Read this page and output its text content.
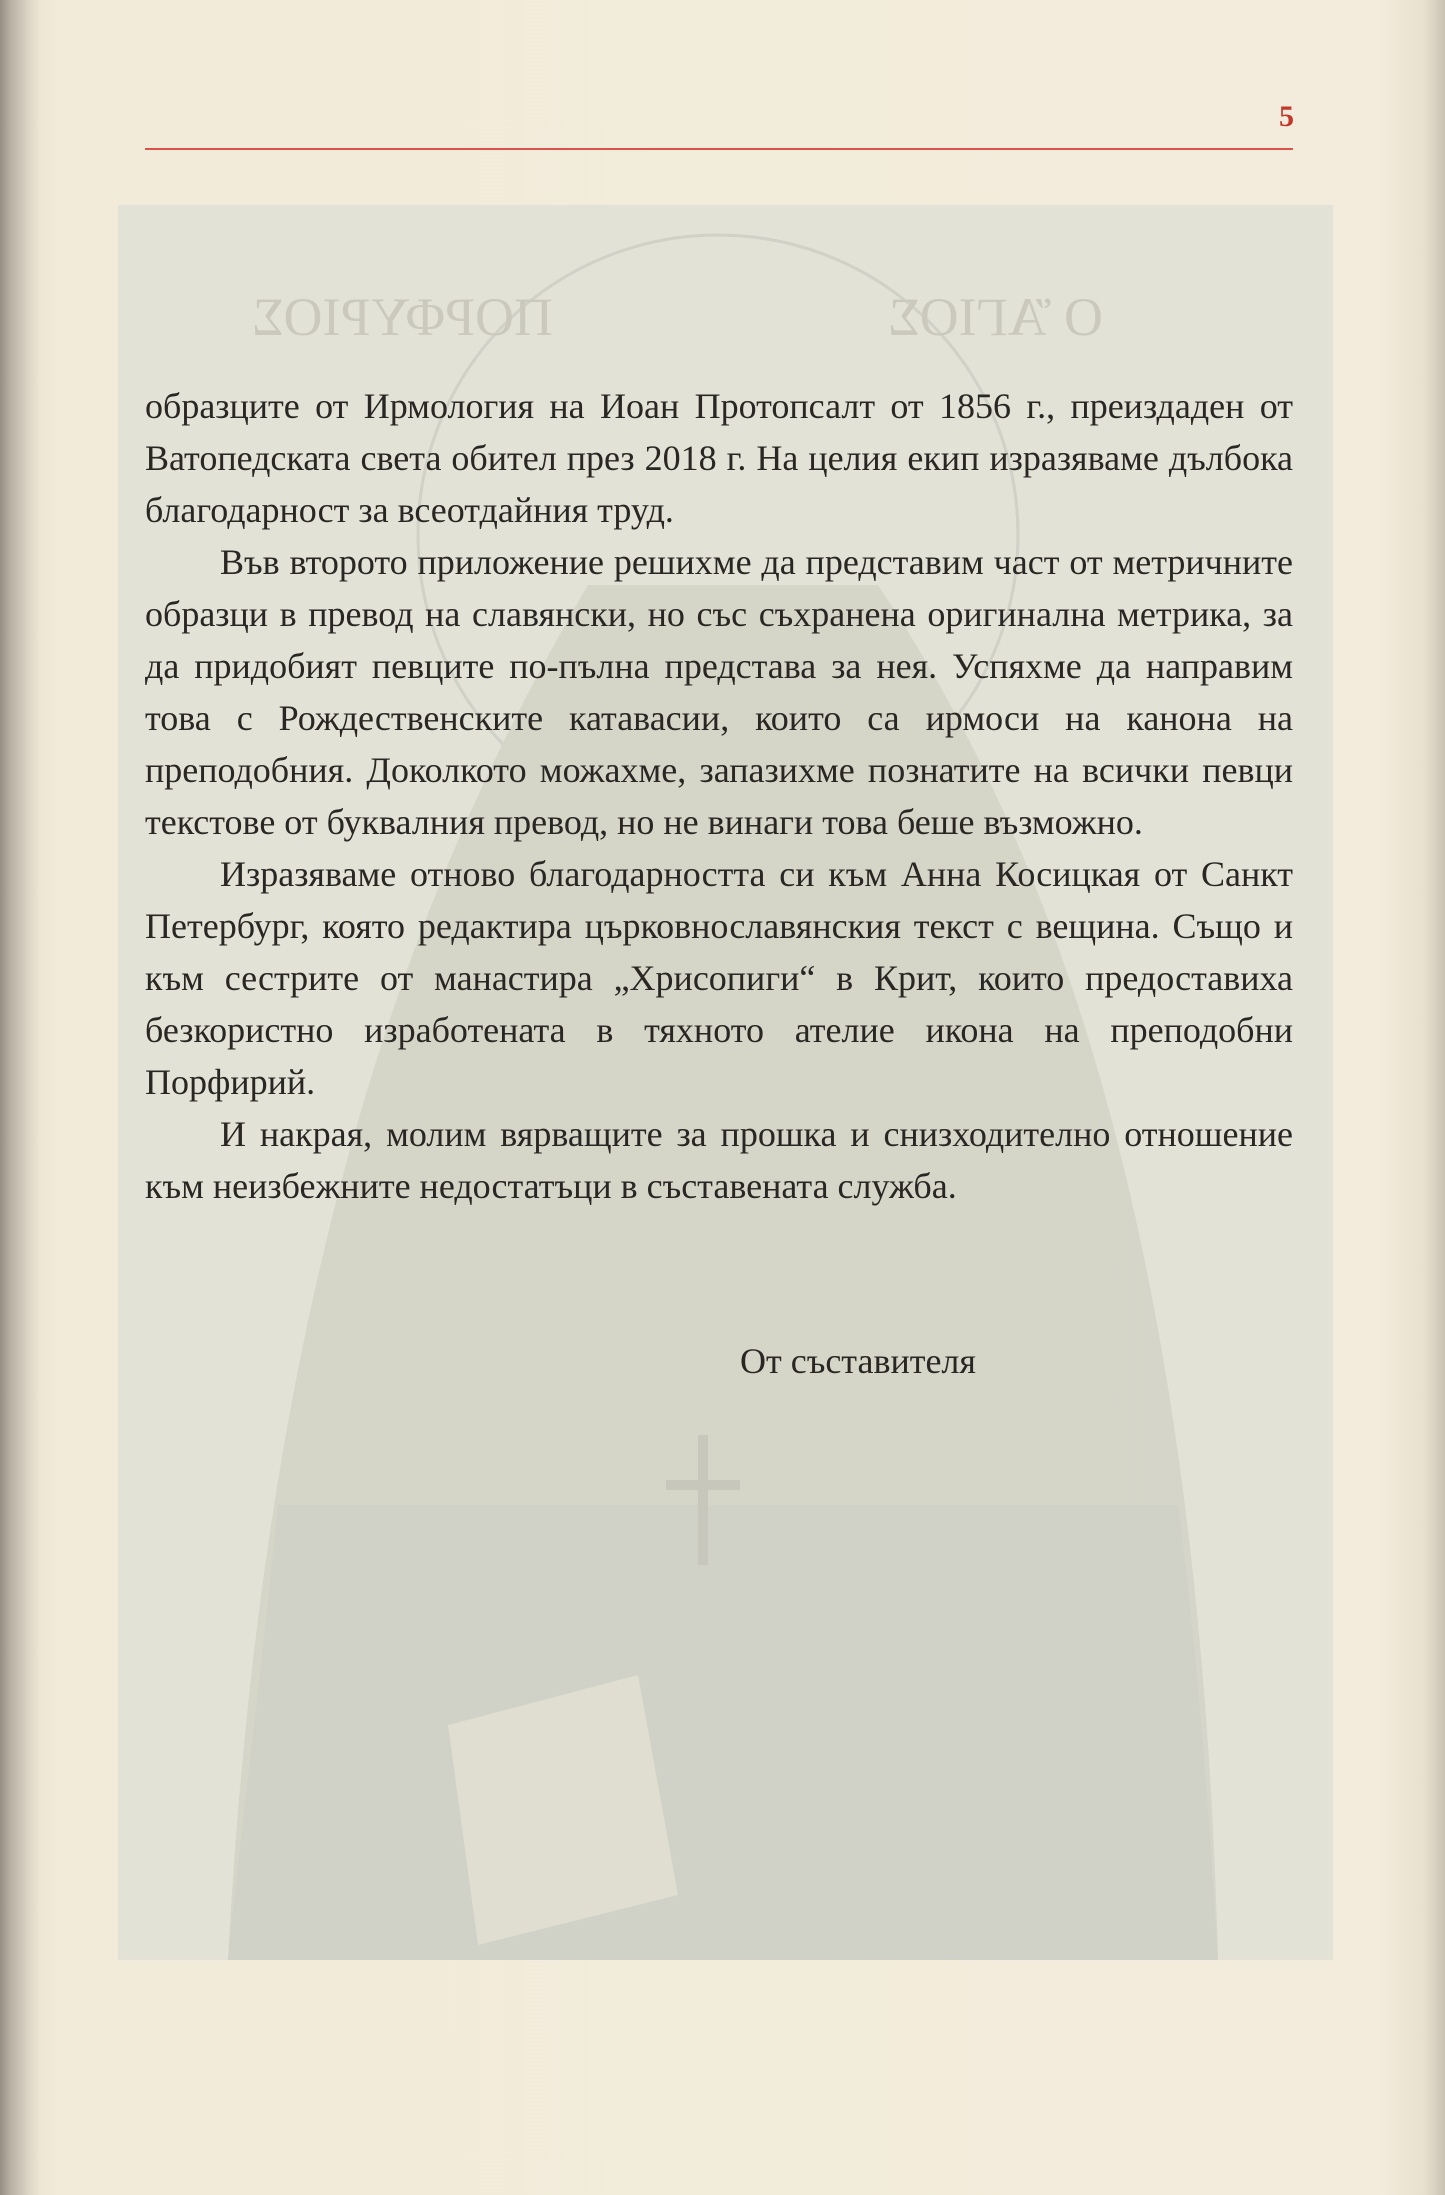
5
Ο ἍΓΙΟΣ
ΠΟΡΦΥΡΙΟΣ

образците от Ирмология на Иоан Протопсалт от 1856 г., преиздаден от Ватопедската света обител през 2018 г. На целия екип изразяваме дълбока благодарност за всеотдайния труд.

Във второто приложение решихме да представим част от метричните образци в превод на славянски, но със съхранена оригинална метрика, за да придобият певците по-пълна представа за нея. Успяхме да направим това с Рождественските катавасии, които са ирмоси на канона на преподобния. Доколкото можахме, запазихме познатите на всички певци текстове от буквалния превод, но не винаги това беше възможно.

Изразяваме отново благодарността си към Анна Косицкая от Санкт Петербург, която редактира църковнославянския текст с вещина. Също и към сестрите от манастира „Хрисопиги“ в Крит, които предоставиха безкористно изработената в тяхното ателие икона на преподобни Порфирий.

И накрая, молим вярващите за прошка и снизходително отношение към неизбежните недостатъци в съставената служба.

От съставителя
